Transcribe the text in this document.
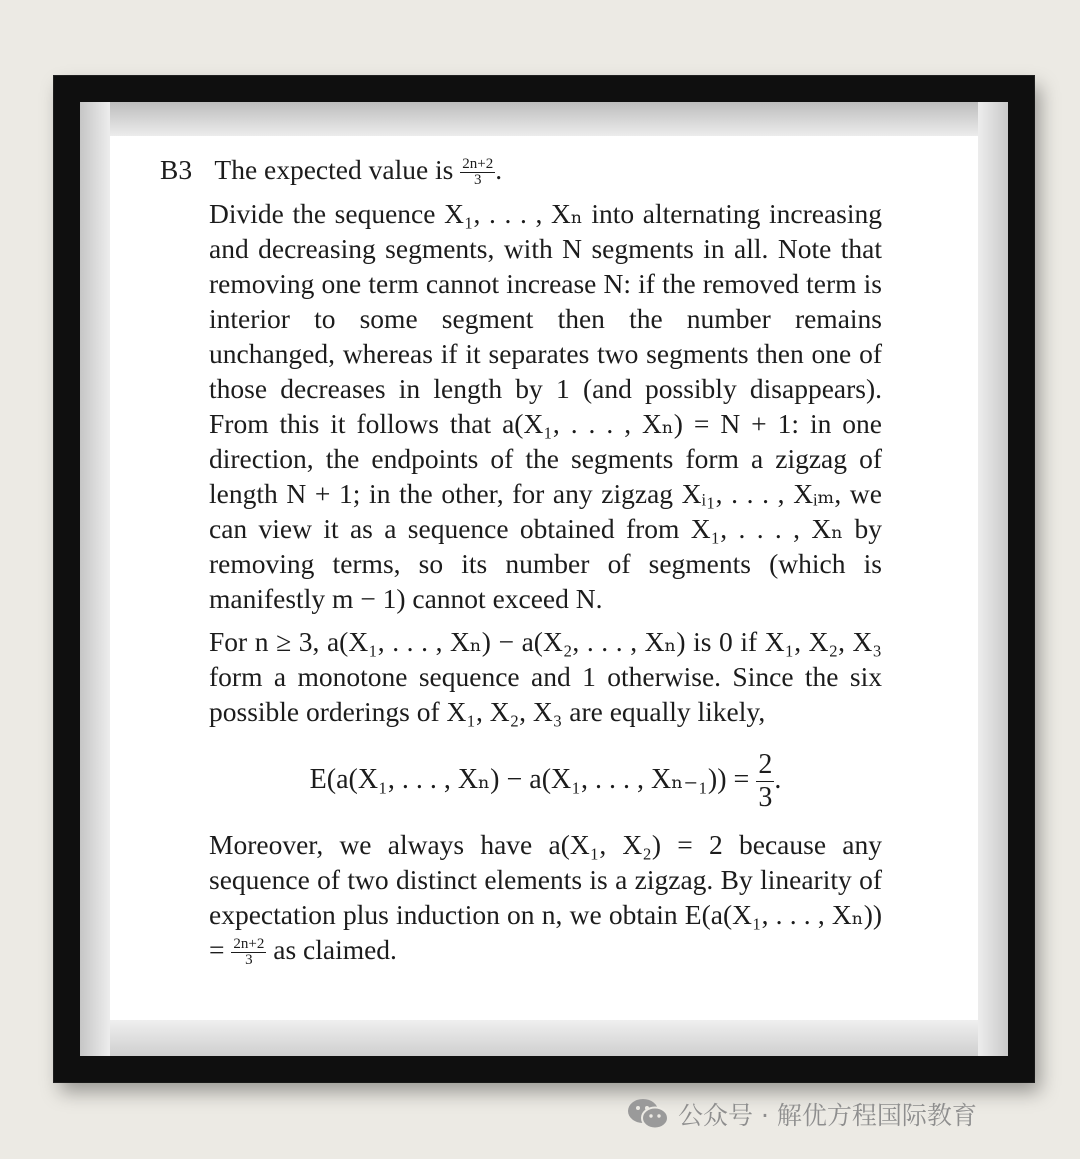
B3 The expected value is $\frac{2n+2}{3}$ .
Divide the sequence X₁, . . . , Xₙ into alternating increasing and decreasing segments, with N segments in all. Note that removing one term cannot increase N: if the removed term is interior to some segment then the number remains unchanged, whereas if it separates two segments then one of those decreases in length by 1 (and possibly disappears). From this it follows that a(X₁, . . . , Xₙ) = N + 1: in one direction, the endpoints of the segments form a zigzag of length N + 1; in the other, for any zigzag Xᵢ₁, . . . , Xᵢₘ, we can view it as a sequence obtained from X₁, . . . , Xₙ by removing terms, so its number of segments (which is manifestly m − 1) cannot exceed N.
For n ≥ 3, a(X₁, . . . , Xₙ) − a(X₂, . . . , Xₙ) is 0 if X₁, X₂, X₃ form a monotone sequence and 1 otherwise. Since the six possible orderings of X₁, X₂, X₃ are equally likely,
E(a(X₁, . . . , Xₙ) − a(X₁, . . . , $X_{n-1})) = \frac{2}{3}$ .
Moreover, we always have a(X₁, X₂) = 2 because any sequence of two distinct elements is a zigzag. By linearity of expectation plus induction on n, we obtain E(a(X₁, . . . , $X_n)) = \frac{2n+2}{3}$ as claimed.
公众号 · 解优方程国际教育
